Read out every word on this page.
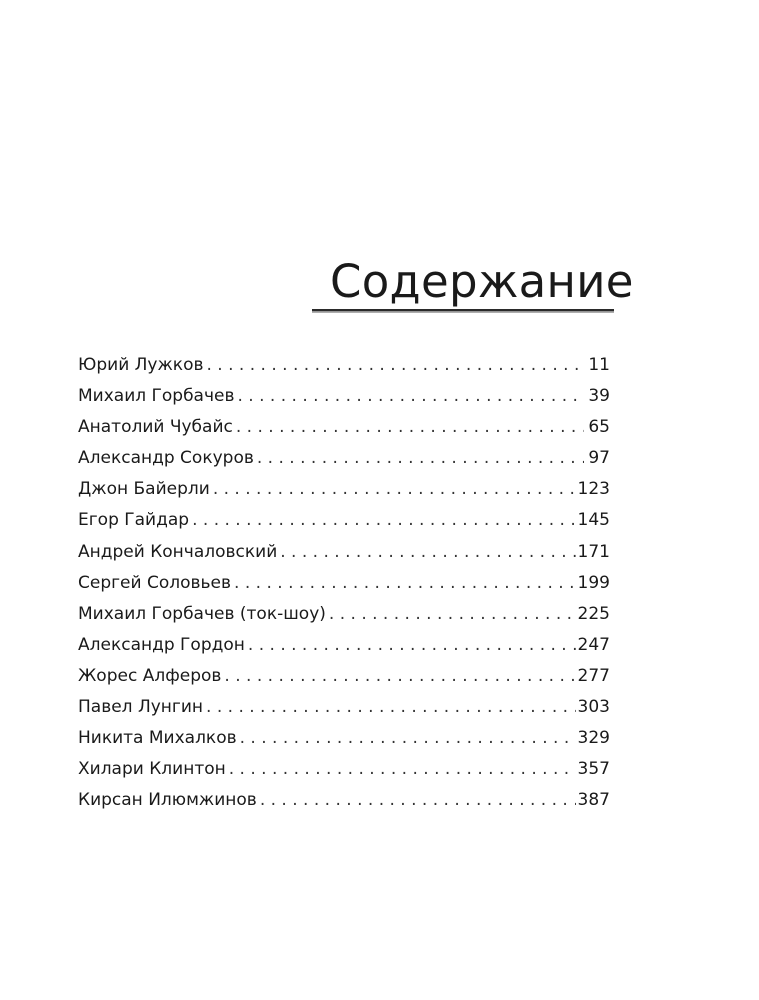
Содержание
Юрий Лужков . . .	11
Михаил Горбачев . . .	39
Анатолий Чубайс . . .	65
Александр Сокуров . . .	97
Джон Байерли . . .	123
Егор Гайдар . . .	145
Андрей Кончаловский . . .	171
Сергей Соловьев . . .	199
Михаил Горбачев (ток-шоу) . . .	225
Александр Гордон . . .	247
Жорес Алферов . . .	277
Павел Лунгин . . .	303
Никита Михалков . . .	329
Хилари Клинтон . . .	357
Кирсан Илюмжинов . . .	387
